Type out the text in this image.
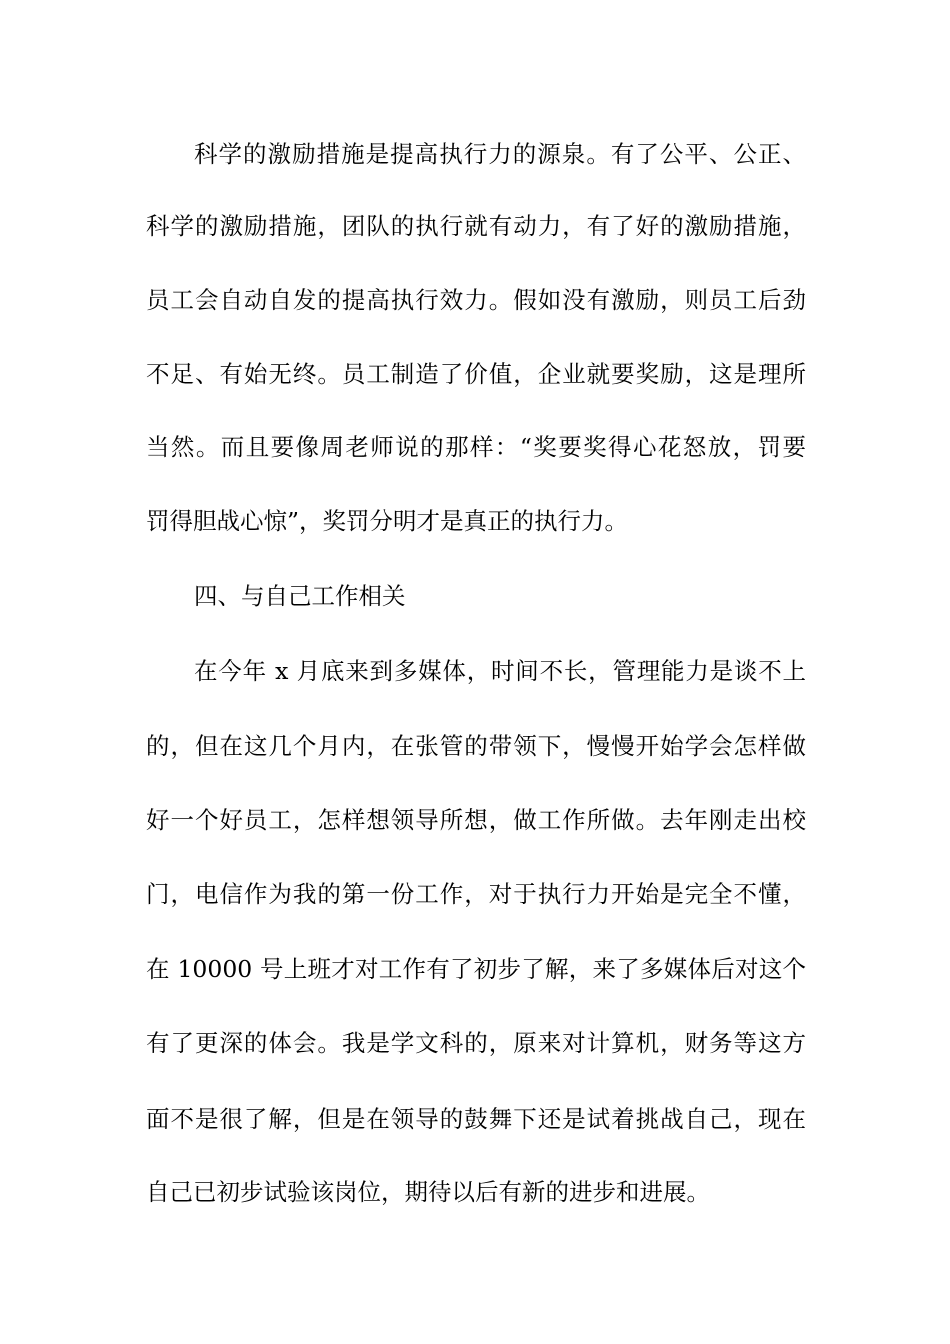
科学的激励措施是提高执行力的源泉。有了公平、公正、
科学的激励措施，团队的执行就有动力，有了好的激励措施，
员工会自动自发的提高执行效力。假如没有激励，则员工后劲
不足、有始无终。员工制造了价值，企业就要奖励，这是理所
当然。而且要像周老师说的那样：“奖要奖得心花怒放，罚要
罚得胆战心惊”，奖罚分明才是真正的执行力。
四、与自己工作相关
在今年 x 月底来到多媒体，时间不长，管理能力是谈不上
的，但在这几个月内，在张管的带领下，慢慢开始学会怎样做
好一个好员工，怎样想领导所想，做工作所做。去年刚走出校
门，电信作为我的第一份工作，对于执行力开始是完全不懂，
在 10000 号上班才对工作有了初步了解，来了多媒体后对这个
有了更深的体会。我是学文科的，原来对计算机，财务等这方
面不是很了解，但是在领导的鼓舞下还是试着挑战自己，现在
自己已初步试验该岗位，期待以后有新的进步和进展。
